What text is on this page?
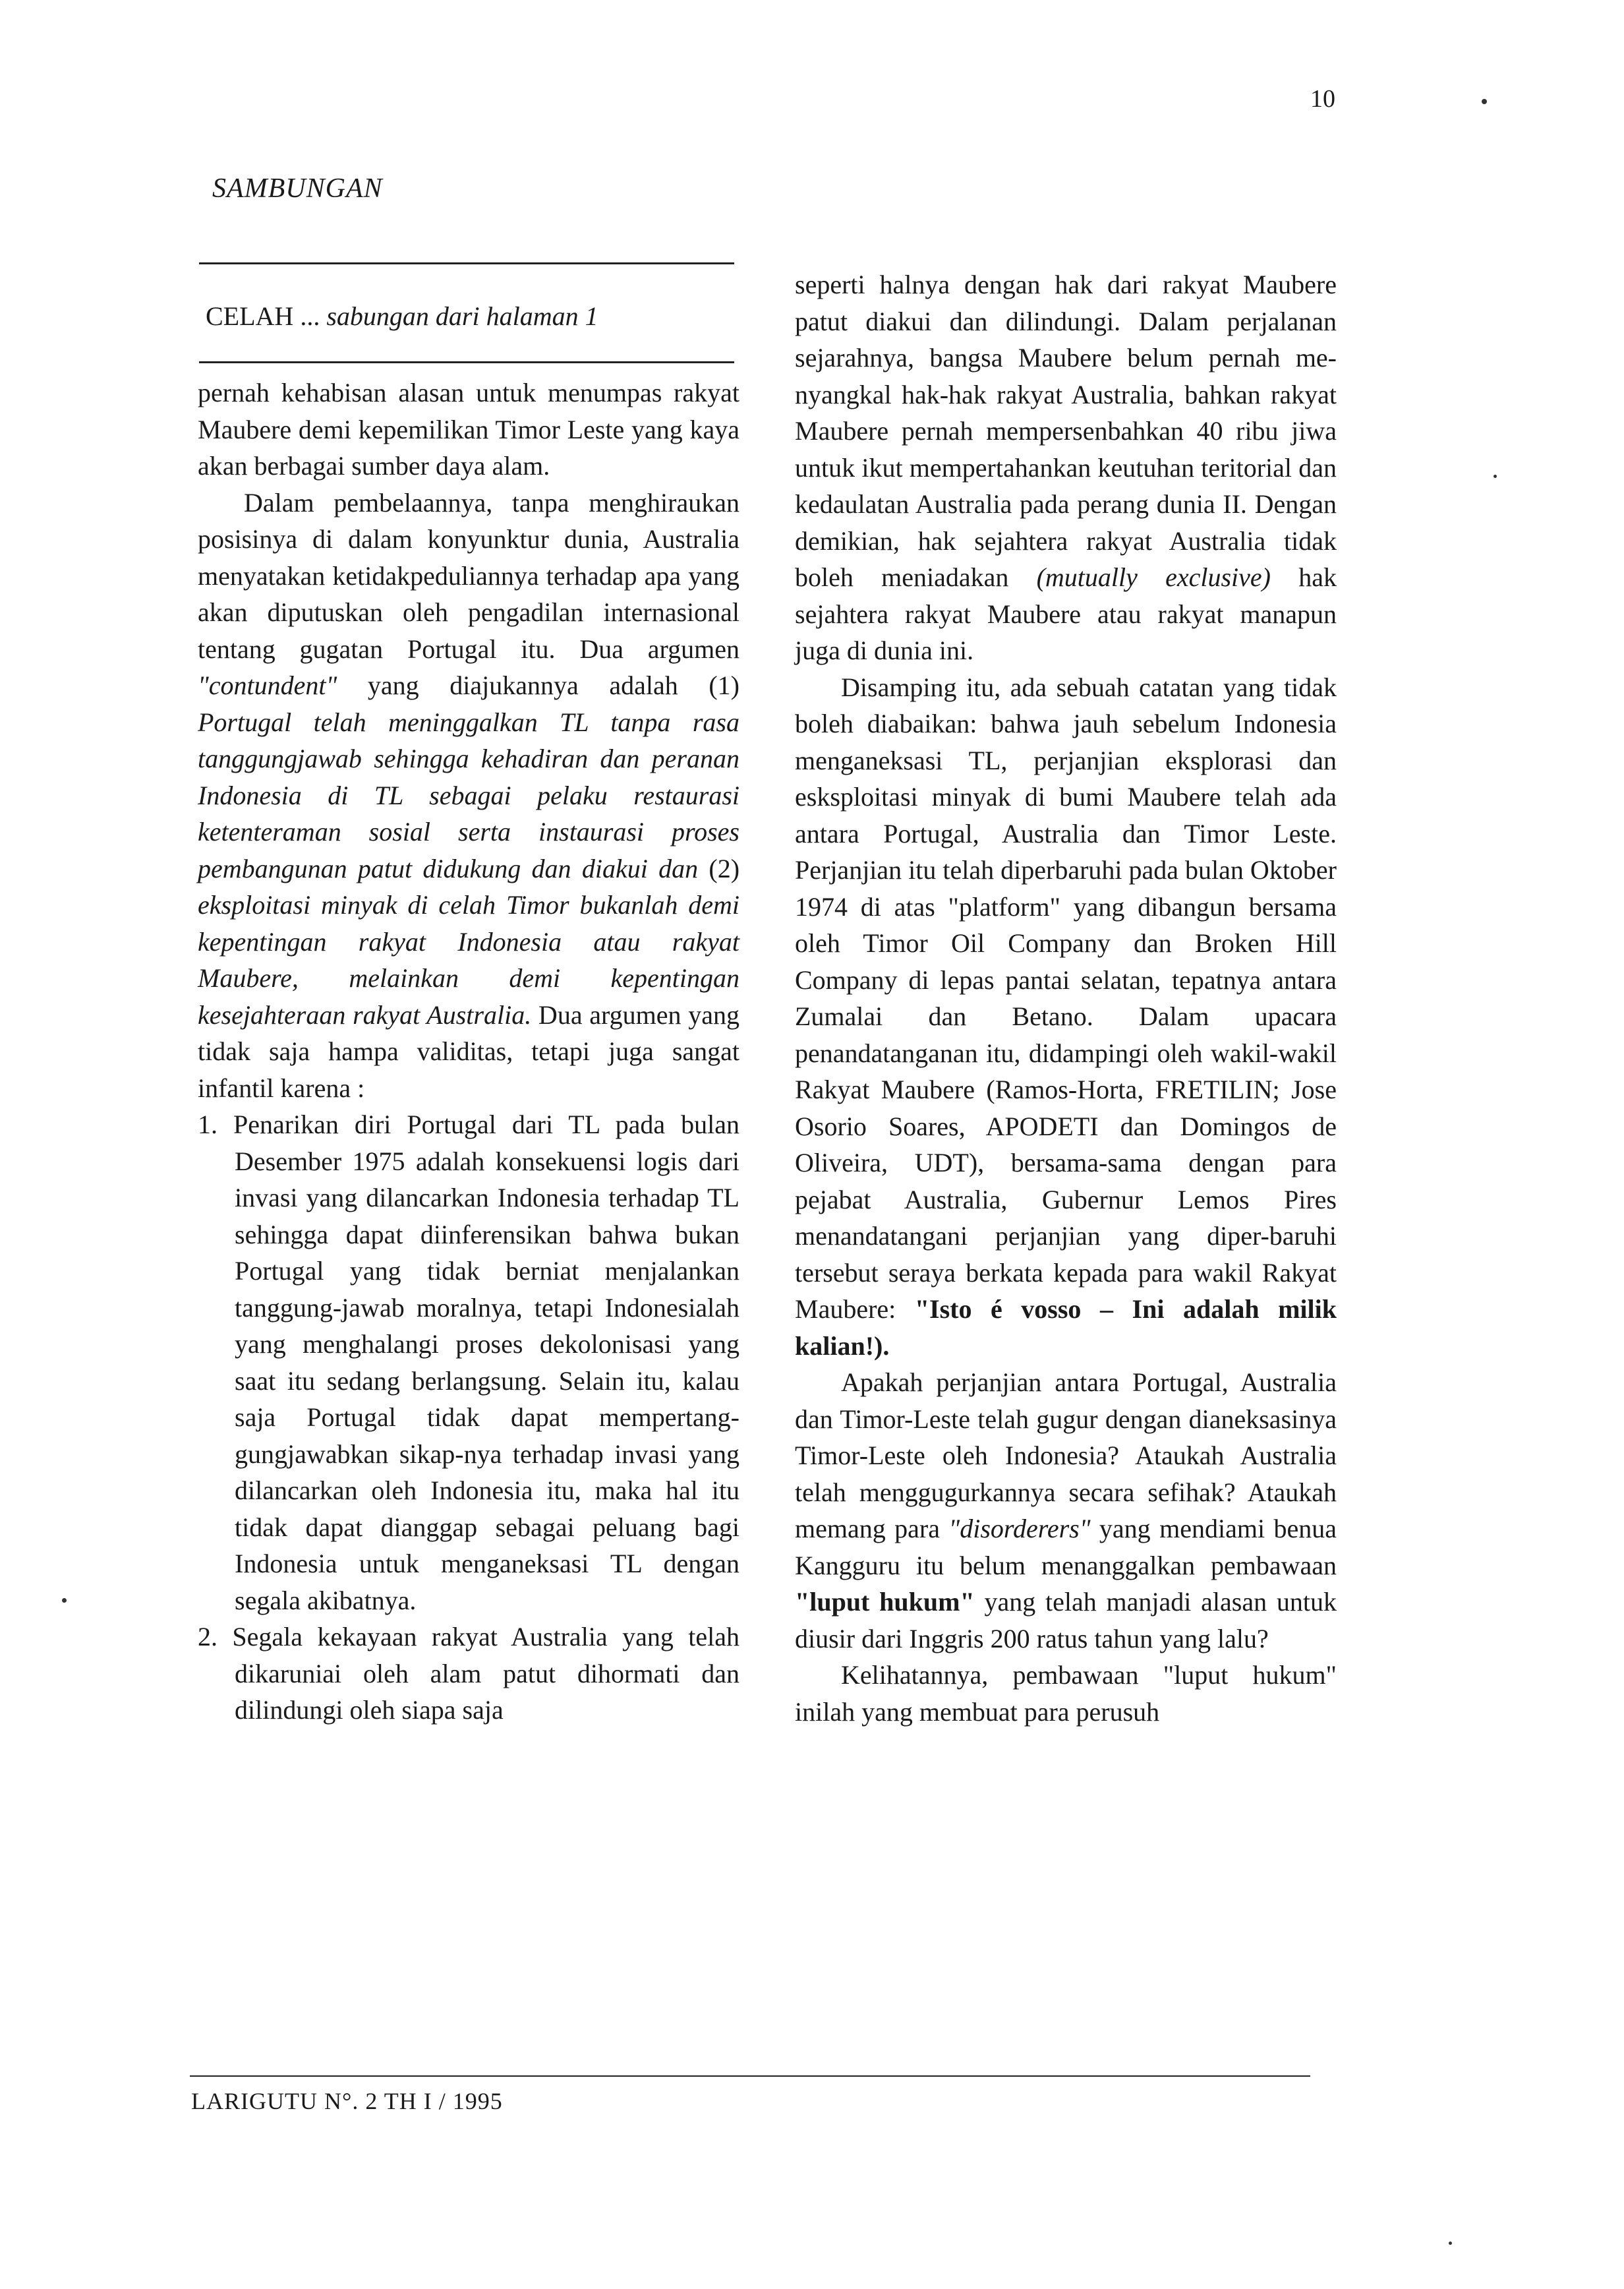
10
SAMBUNGAN

CELAH ... sabungan dari halaman 1

pernah kehabisan alasan untuk menumpas rakyat Maubere demi kepemilikan Timor Leste yang kaya akan berbagai sumber daya alam.

Dalam pembelaannya, tanpa menghiraukan posisinya di dalam konyunktur dunia, Australia menyatakan ketidakpeduliannya terhadap apa yang akan diputuskan oleh pengadilan internasional tentang gugatan Portugal itu. Dua argumen "contundent" yang diajukannya adalah (1) Portugal telah meninggalkan TL tanpa rasa tanggungjawab sehingga kehadiran dan peranan Indonesia di TL sebagai pelaku restaurasi ketenteraman sosial serta instaurasi proses pembangunan patut didukung dan diakui dan (2) eksploitasi minyak di celah Timor bukanlah demi kepentingan rakyat Indonesia atau rakyat Maubere, melainkan demi kepentingan kesejahteraan rakyat Australia. Dua argumen yang tidak saja hampa validitas, tetapi juga sangat infantil karena :

1. Penarikan diri Portugal dari TL pada bulan Desember 1975 adalah konsekuensi logis dari invasi yang dilancarkan Indonesia terhadap TL sehingga dapat diinferensikan bahwa bukan Portugal yang tidak berniat menjalankan tanggung-jawab moralnya, tetapi Indonesialah yang menghalangi proses dekolonisasi yang saat itu sedang berlangsung. Selain itu, kalau saja Portugal tidak dapat mempertang-gungjawabkan sikap-nya terhadap invasi yang dilancarkan oleh Indonesia itu, maka hal itu tidak dapat dianggap sebagai peluang bagi Indonesia untuk menganeksasi TL dengan segala akibatnya.

2. Segala kekayaan rakyat Australia yang telah dikaruniai oleh alam patut dihormati dan dilindungi oleh siapa saja

seperti halnya dengan hak dari rakyat Maubere patut diakui dan dilindungi. Dalam perjalanan sejarahnya, bangsa Maubere belum pernah me-nyangkal hak-hak rakyat Australia, bahkan rakyat Maubere pernah mempersenbahkan 40 ribu jiwa untuk ikut mempertahankan keutuhan teritorial dan kedaulatan Australia pada perang dunia II. Dengan demikian, hak sejahtera rakyat Australia tidak boleh meniadakan (mutually exclusive) hak sejahtera rakyat Maubere atau rakyat manapun juga di dunia ini.

Disamping itu, ada sebuah catatan yang tidak boleh diabaikan: bahwa jauh sebelum Indonesia menganeksasi TL, perjanjian eksplorasi dan esksploitasi minyak di bumi Maubere telah ada antara Portugal, Australia dan Timor Leste. Perjanjian itu telah diperbaruhi pada bulan Oktober 1974 di atas "platform" yang dibangun bersama oleh Timor Oil Company dan Broken Hill Company di lepas pantai selatan, tepatnya antara Zumalai dan Betano. Dalam upacara penandatanganan itu, didampingi oleh wakil-wakil Rakyat Maubere (Ramos-Horta, FRETILIN; Jose Osorio Soares, APODETI dan Domingos de Oliveira, UDT), bersama-sama dengan para pejabat Australia, Gubernur Lemos Pires menandatangani perjanjian yang diper-baruhi tersebut seraya berkata kepada para wakil Rakyat Maubere: "Isto é vosso – Ini adalah milik kalian!).

Apakah perjanjian antara Portugal, Australia dan Timor-Leste telah gugur dengan dianeksasinya Timor-Leste oleh Indonesia? Ataukah Australia telah menggugurkannya secara sefihak? Ataukah memang para "disorderers" yang mendiami benua Kangguru itu belum menanggalkan pembawaan "luput hukum" yang telah manjadi alasan untuk diusir dari Inggris 200 ratus tahun yang lalu?

Kelihatannya, pembawaan "luput hukum" inilah yang membuat para perusuh

LARIGUTU N°. 2 TH I / 1995
